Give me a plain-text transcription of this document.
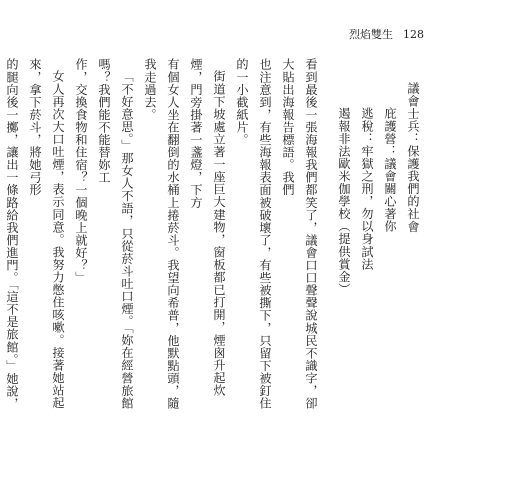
烈焰雙生 128

議會士兵：保護我們的社會

庇護營：議會關心著你

逃稅：牢獄之刑，勿以身試法

遏報非法歐米伽學校（提供賞金）

看到最後一張海報我們都笑了，議會口口聲聲說城民不識字，卻大貼出海報告標語。我們

也注意到，有些海報表面被破壞了，有些被撕下，只留下被釘住的一小截紙片。

街道下坡處立著一座巨大建物，窗板都已打開，煙囪升起炊煙，門旁掛著一盞燈，下方

有個女人坐在翻倒的水桶上捲菸斗。我望向希普，他默點頭，隨我走過去。

「不好意思。」那女人不語，只從菸斗吐口煙。「妳在經營旅館嗎？我們能不能替妳工

作，交換食物和住宿？一個晚上就好？」

女人再次大口吐煙，表示同意。我努力憋住咳嗽。接著她站起來，拿下菸斗，將她弓形

的腿向後一擲，讓出一條路給我們進門。「這不是旅館。」她說，
